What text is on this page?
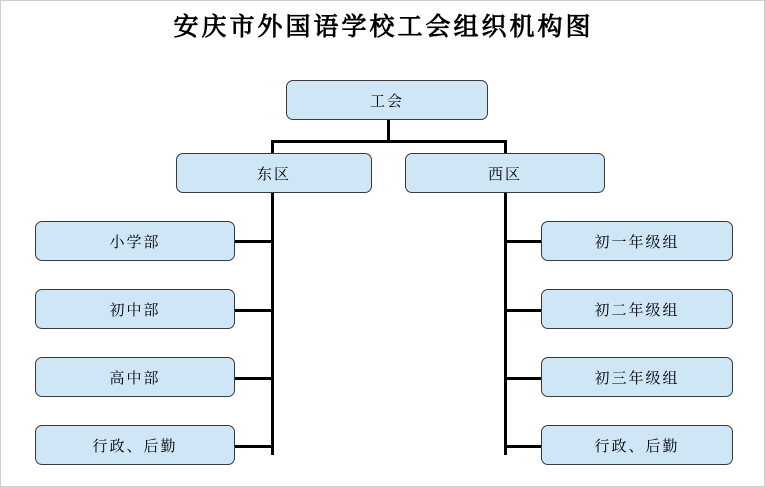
安庆市外国语学校工会组织机构图
工会
东区	西区
小学部
初中部
高中部
行政、后勤
初一年级组
初二年级组
初三年级组
行政、后勤
